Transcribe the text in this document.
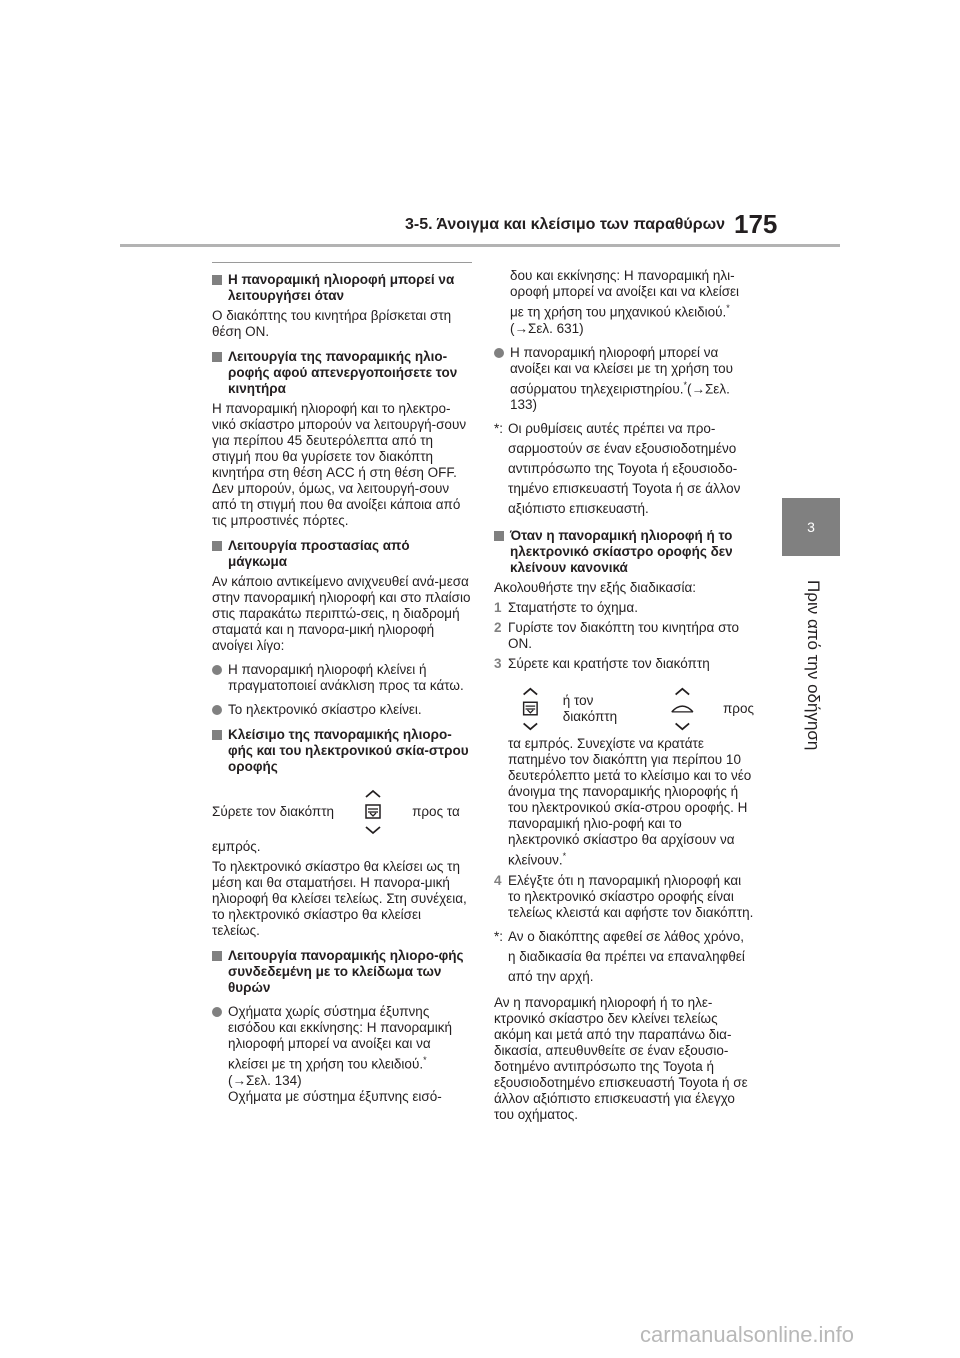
3-5. Άνοιγμα και κλείσιμο των παραθύρων 175
3
Πριν από την οδήγηση
Η πανοραμική ηλιοροφή μπορεί να λειτουργήσει όταν
Ο διακόπτης του κινητήρα βρίσκεται στη θέση ON.
Λειτουργία της πανοραμικής ηλιο-ροφής αφού απενεργοποιήσετε τον κινητήρα
Η πανοραμική ηλιοροφή και το ηλεκτρο-νικό σκίαστρο μπορούν να λειτουργή-σουν για περίπου 45 δευτερόλεπτα από τη στιγμή που θα γυρίσετε τον διακόπτη κινητήρα στη θέση ACC ή στη θέση OFF. Δεν μπορούν, όμως, να λειτουργή-σουν από τη στιγμή που θα ανοίξει κάποια από τις μπροστινές πόρτες.
Λειτουργία προστασίας από μάγκωμα
Αν κάποιο αντικείμενο ανιχνευθεί ανά-μεσα στην πανοραμική ηλιοροφή και στο πλαίσιο στις παρακάτω περιπτώ-σεις, η διαδρομή σταματά και η πανορα-μική ηλιοροφή ανοίγει λίγο:
Η πανοραμική ηλιοροφή κλείνει ή πραγματοποιεί ανάκλιση προς τα κάτω.
Το ηλεκτρονικό σκίαστρο κλείνει.
Κλείσιμο της πανοραμικής ηλιορο-φής και του ηλεκτρονικού σκία-στρου οροφής
Σύρετε τον διακόπτη	προς τα
εμπρός.
Το ηλεκτρονικό σκίαστρο θα κλείσει ως τη μέση και θα σταματήσει. Η πανορα-μική ηλιοροφή θα κλείσει τελείως. Στη συνέχεια, το ηλεκτρονικό σκίαστρο θα κλείσει τελείως.
Λειτουργία πανοραμικής ηλιορο-φής συνδεδεμένη με το κλείδωμα των θυρών
Οχήματα χωρίς σύστημα έξυπνης εισόδου και εκκίνησης: Η πανοραμική ηλιοροφή μπορεί να ανοίξει και να κλείσει με τη χρήση του κλειδιού.*
(→Σελ. 134)
Οχήματα με σύστημα έξυπνης εισό-
δου και εκκίνησης: Η πανοραμική ηλι-οροφή μπορεί να ανοίξει και να κλείσει με τη χρήση του μηχανικού κλειδιού.*
(→Σελ. 631)
Η πανοραμική ηλιοροφή μπορεί να ανοίξει και να κλείσει με τη χρήση του ασύρματου τηλεχειριστηρίου.*(→Σελ. 133)
*: Οι ρυθμίσεις αυτές πρέπει να προ-σαρμοστούν σε έναν εξουσιοδοτημένο αντιπρόσωπο της Toyota ή εξουσιοδο-τημένο επισκευαστή Toyota ή σε άλλον αξιόπιστο επισκευαστή.
Όταν η πανοραμική ηλιοροφή ή το ηλεκτρονικό σκίαστρο οροφής δεν κλείνουν κανονικά
Ακολουθήστε την εξής διαδικασία:
1 Σταματήστε το όχημα.
2 Γυρίστε τον διακόπτη του κινητήρα στο ON.
3 Σύρετε και κρατήστε τον διακόπτη
ή τον διακόπτη
προς
τα εμπρός. Συνεχίστε να κρατάτε πατημένο τον διακόπτη για περίπου 10 δευτερόλεπτο μετά το κλείσιμο και το νέο άνοιγμα της πανοραμικής ηλιοροφής ή του ηλεκτρονικού σκία-στρου οροφής. Η πανοραμική ηλιο-ροφή και το ηλεκτρονικό σκίαστρο θα αρχίσουν να κλείνουν.*
4 Ελέγξτε ότι η πανοραμική ηλιοροφή και το ηλεκτρονικό σκίαστρο οροφής είναι τελείως κλειστά και αφήστε τον διακόπτη.
*: Αν ο διακόπτης αφεθεί σε λάθος χρόνο, η διαδικασία θα πρέπει να επαναληφθεί από την αρχή.
Αν η πανοραμική ηλιοροφή ή το ηλε-κτρονικό σκίαστρο δεν κλείνει τελείως ακόμη και μετά από την παραπάνω δια-δικασία, απευθυνθείτε σε έναν εξουσιο-δοτημένο αντιπρόσωπο της Toyota ή εξουσιοδοτημένο επισκευαστή Toyota ή σε άλλον αξιόπιστο επισκευαστή για έλεγχο του οχήματος.
carmanualsonline.info
